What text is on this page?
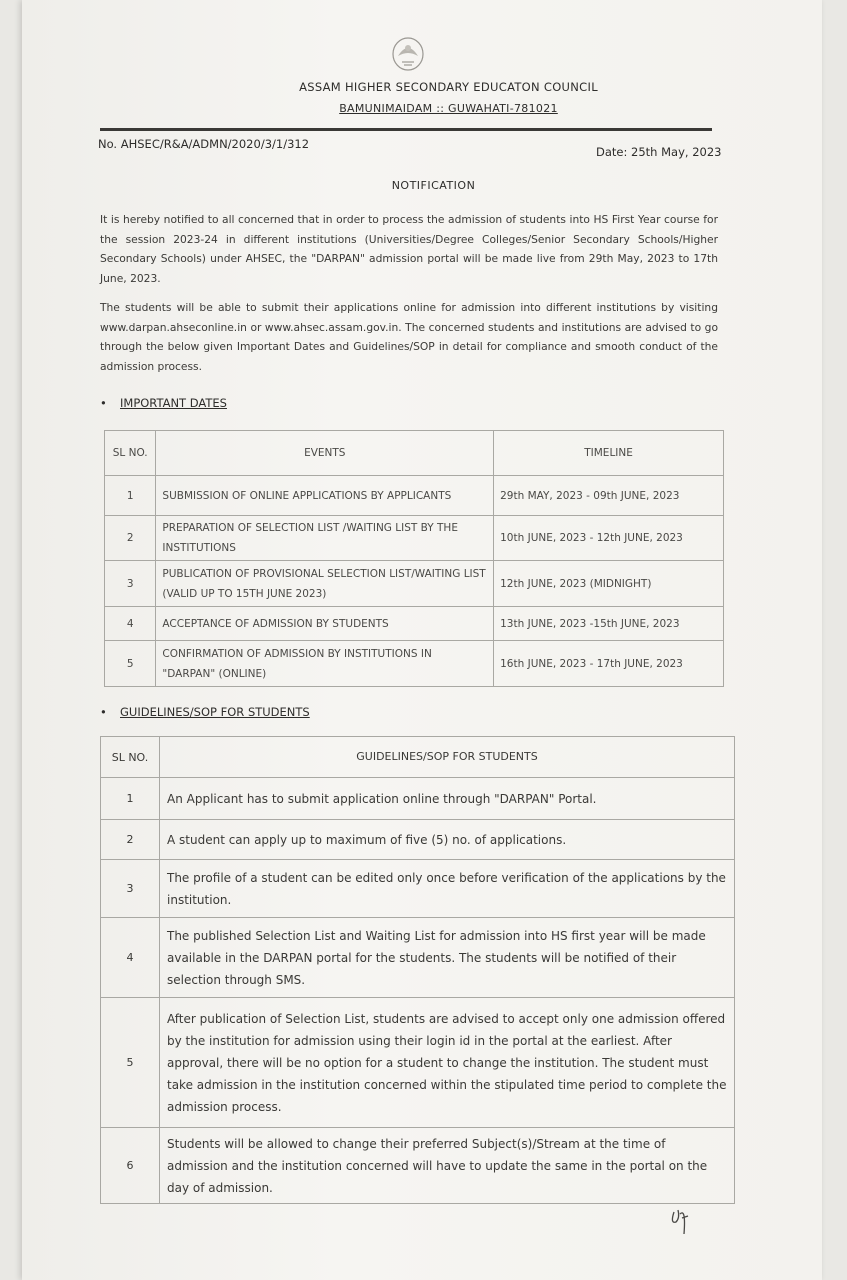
ASSAM HIGHER SECONDARY EDUCATON COUNCIL
BAMUNIMAIDAM :: GUWAHATI-781021
No. AHSEC/R&A/ADMN/2020/3/1/312
Date: 25th May, 2023
NOTIFICATION
It is hereby notified to all concerned that in order to process the admission of students into HS First Year course for the session 2023-24 in different institutions (Universities/Degree Colleges/Senior Secondary Schools/Higher Secondary Schools) under AHSEC, the "DARPAN" admission portal will be made live from 29th May, 2023 to 17th June, 2023.
The students will be able to submit their applications online for admission into different institutions by visiting www.darpan.ahseconline.in or www.ahsec.assam.gov.in. The concerned students and institutions are advised to go through the below given Important Dates and Guidelines/SOP in detail for compliance and smooth conduct of the admission process.
• IMPORTANT DATES
SL NO.	EVENTS	TIMELINE
1	SUBMISSION OF ONLINE APPLICATIONS BY APPLICANTS	29th MAY, 2023 - 09th JUNE, 2023
2	PREPARATION OF SELECTION LIST /WAITING LIST BY THE INSTITUTIONS	10th JUNE, 2023 - 12th JUNE, 2023
3	PUBLICATION OF PROVISIONAL SELECTION LIST/WAITING LIST (VALID UP TO 15TH JUNE 2023)	12th JUNE, 2023 (MIDNIGHT)
4	ACCEPTANCE OF ADMISSION BY STUDENTS	13th JUNE, 2023 -15th JUNE, 2023
5	CONFIRMATION OF ADMISSION BY INSTITUTIONS IN "DARPAN" (ONLINE)	16th JUNE, 2023 - 17th JUNE, 2023
• GUIDELINES/SOP FOR STUDENTS
SL NO.	GUIDELINES/SOP FOR STUDENTS
1	An Applicant has to submit application online through "DARPAN" Portal.
2	A student can apply up to maximum of five (5) no. of applications.
3	The profile of a student can be edited only once before verification of the applications by the institution.
4	The published Selection List and Waiting List for admission into HS first year will be made available in the DARPAN portal for the students. The students will be notified of their selection through SMS.
5	After publication of Selection List, students are advised to accept only one admission offered by the institution for admission using their login id in the portal at the earliest. After approval, there will be no option for a student to change the institution. The student must take admission in the institution concerned within the stipulated time period to complete the admission process.
6	Students will be allowed to change their preferred Subject(s)/Stream at the time of admission and the institution concerned will have to update the same in the portal on the day of admission.
